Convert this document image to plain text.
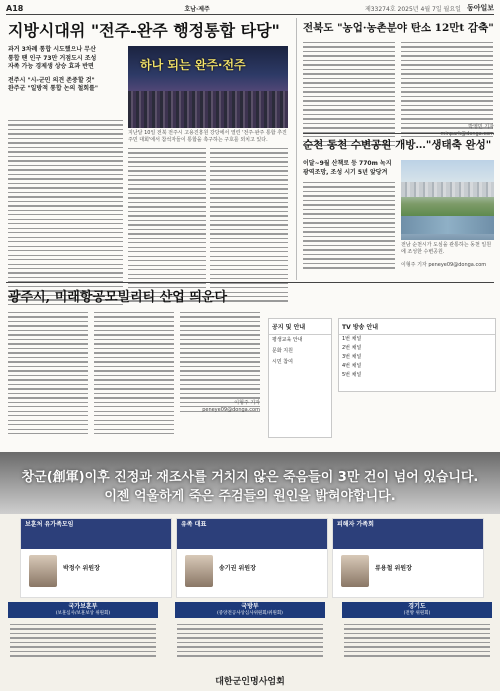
A18	호남·제주	제33274호 2025년 4월 7일 월요일 동아일보
지방시대위 "전주-완주 행정통합 타당"
과거 3차례 통합 시도했으나 무산
통합 땐 인구 73만 거점도시 조성
자족 가능 경제생 상승 효과 반면
전주시 "시-군민 의견 존중할 것"
완주군 "일방적 통합 논의 철회를"
하나 되는 완주·전주
지난달 10일 전북 전주시 고용진흥원 강당에서 열린 '전주·완주 통합 추진 주민 대회'에서 참석자들이 통합을 촉구하는 구호를 외치고 있다.
전북도 "농업·농촌분야 탄소 12만t 감축"
박영민 기자
순천 동천 수변공원 개방…"생태축 완성"
이달~9월 산책로 등 770m 녹지
광역조망, 조성 시기 5년 앞당겨
전남 순천시가 도심을 관통하는 동천 일원에 조성한 수변공원.
이형주 기자 peneye09@donga.com
광주시, 미래항공모빌리티 산업 띄운다
이형주 기자 peneye09@donga.com
공지 및 안내
평생교육 안내
문화 지원
시민 참여
TV 방송 안내
1번 채널
2번 채널
3번 채널
4번 채널
5번 채널
창군(創軍)이후 진정과 재조사를 거치지 않은 죽음들이 3만 건이 넘어 있습니다.
이젠 억울하게 죽은 주검들의 원인을 밝혀야합니다.
보훈처 유가족모임
박정수 위원장
유족 대표
송기권 위원장
피해자 가족회
류용철 위원장
국가보훈부
(보훈심사/보훈보상 위원회)
국방부
(중앙전공사상심사위원회/위원회)
경기도
(전방 위원회)
대한군인명사엄회
